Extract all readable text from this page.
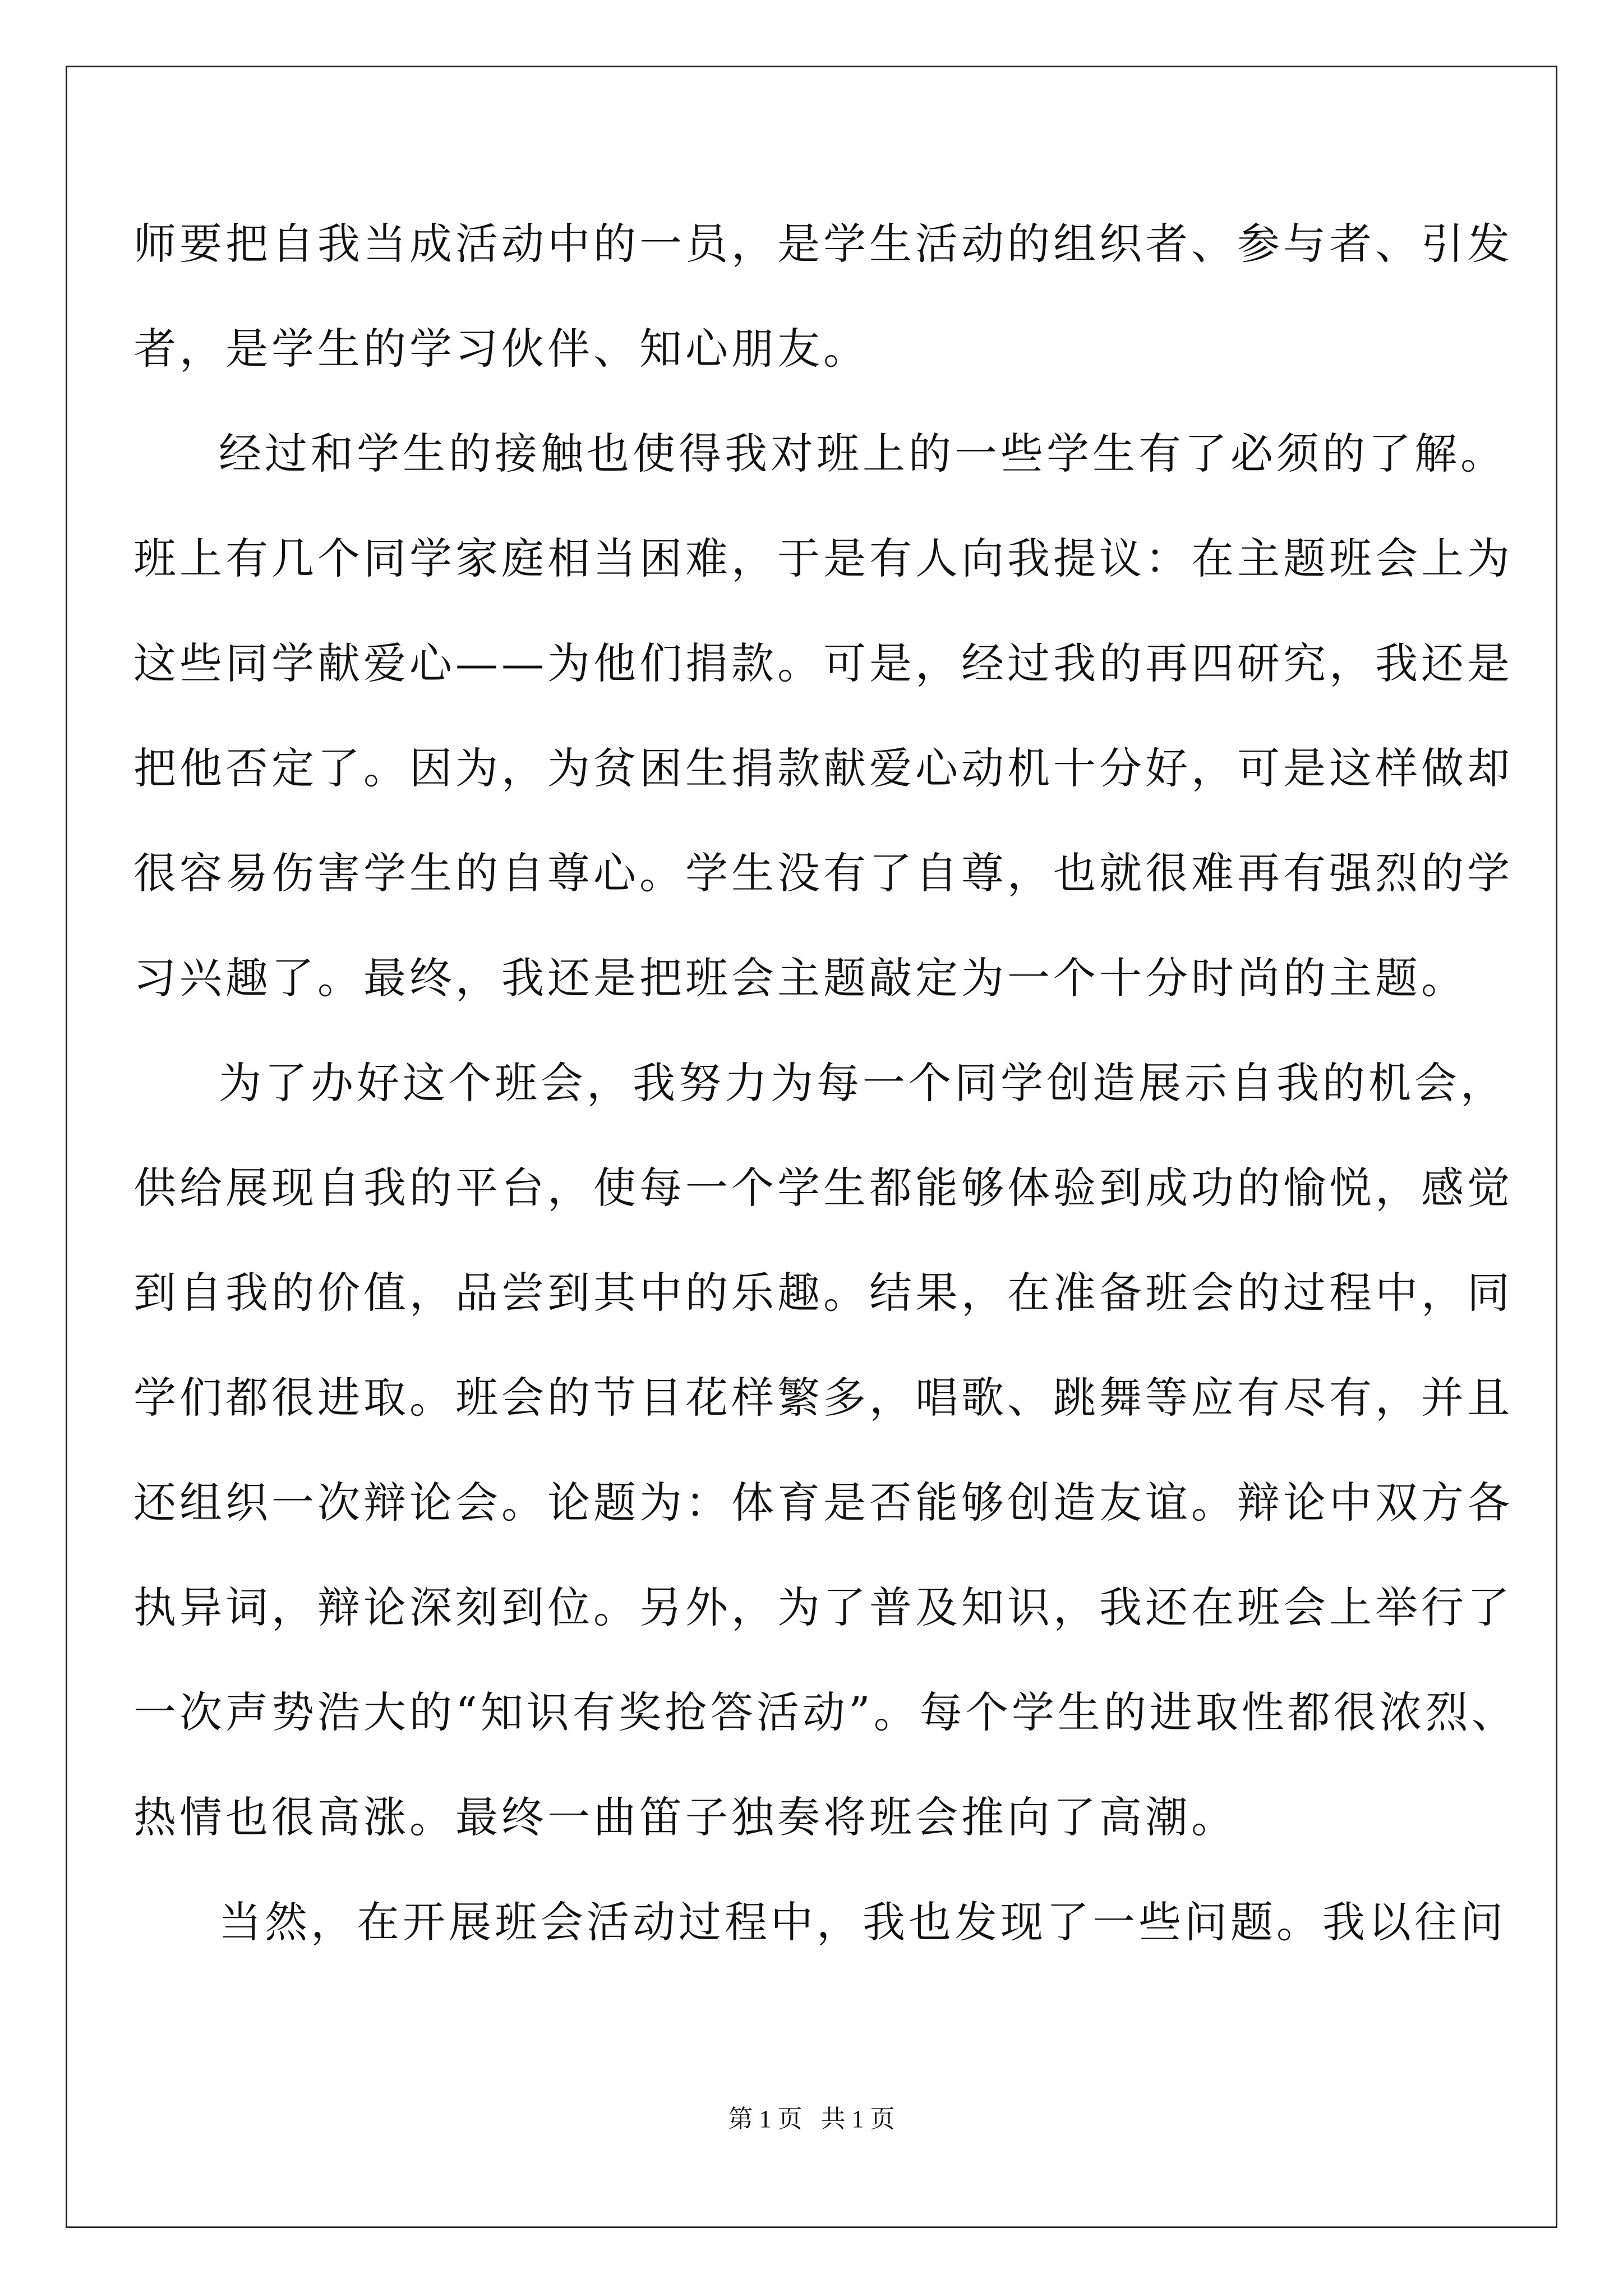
师要把自我当成活动中的一员，是学生活动的组织者、参与者、引发
者，是学生的学习伙伴、知心朋友。
经过和学生的接触也使得我对班上的一些学生有了必须的了解。
班上有几个同学家庭相当困难，于是有人向我提议：在主题班会上为
这些同学献爱心——为他们捐款。可是，经过我的再四研究，我还是
把他否定了。因为，为贫困生捐款献爱心动机十分好，可是这样做却
很容易伤害学生的自尊心。学生没有了自尊，也就很难再有强烈的学
习兴趣了。最终，我还是把班会主题敲定为一个十分时尚的主题。
为了办好这个班会，我努力为每一个同学创造展示自我的机会，
供给展现自我的平台，使每一个学生都能够体验到成功的愉悦，感觉
到自我的价值，品尝到其中的乐趣。结果，在准备班会的过程中，同
学们都很进取。班会的节目花样繁多，唱歌、跳舞等应有尽有，并且
还组织一次辩论会。论题为：体育是否能够创造友谊。辩论中双方各
执异词，辩论深刻到位。另外，为了普及知识，我还在班会上举行了
一次声势浩大的“知识有奖抢答活动”。每个学生的进取性都很浓烈、
热情也很高涨。最终一曲笛子独奏将班会推向了高潮。
当然，在开展班会活动过程中，我也发现了一些问题。我以往问
第 1 页   共 1 页
